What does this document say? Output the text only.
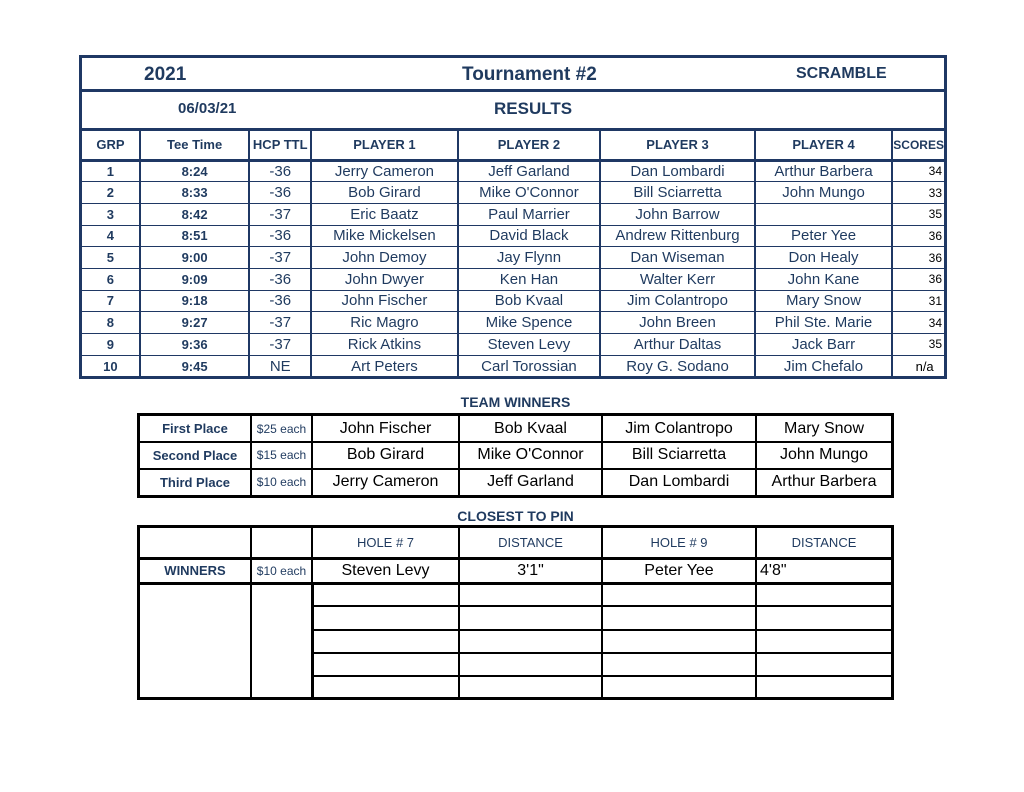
2021	Tournament #2	SCRAMBLE
06/03/21	RESULTS
GRP	Tee Time	HCP TTL	PLAYER 1	PLAYER 2	PLAYER 3	PLAYER 4	SCORES
1	8:24	-36	Jerry Cameron	Jeff Garland	Dan Lombardi	Arthur Barbera	34
2	8:33	-36	Bob Girard	Mike O'Connor	Bill Sciarretta	John Mungo	33
3	8:42	-37	Eric Baatz	Paul Marrier	John Barrow		35
4	8:51	-36	Mike Mickelsen	David Black	Andrew Rittenburg	Peter Yee	36
5	9:00	-37	John Demoy	Jay Flynn	Dan Wiseman	Don Healy	36
6	9:09	-36	John Dwyer	Ken Han	Walter Kerr	John Kane	36
7	9:18	-36	John Fischer	Bob Kvaal	Jim Colantropo	Mary Snow	31
8	9:27	-37	Ric Magro	Mike Spence	John Breen	Phil Ste. Marie	34
9	9:36	-37	Rick Atkins	Steven Levy	Arthur Daltas	Jack Barr	35
10	9:45	NE	Art Peters	Carl Torossian	Roy G. Sodano	Jim Chefalo	n/a
TEAM WINNERS
First Place	$25 each	John Fischer	Bob Kvaal	Jim Colantropo	Mary Snow
Second Place	$15 each	Bob Girard	Mike O'Connor	Bill Sciarretta	John Mungo
Third Place	$10 each	Jerry Cameron	Jeff Garland	Dan Lombardi	Arthur Barbera
CLOSEST TO PIN
		HOLE # 7	DISTANCE	HOLE # 9	DISTANCE
WINNERS	$10 each	Steven Levy	3'1"	Peter Yee	4'8"
